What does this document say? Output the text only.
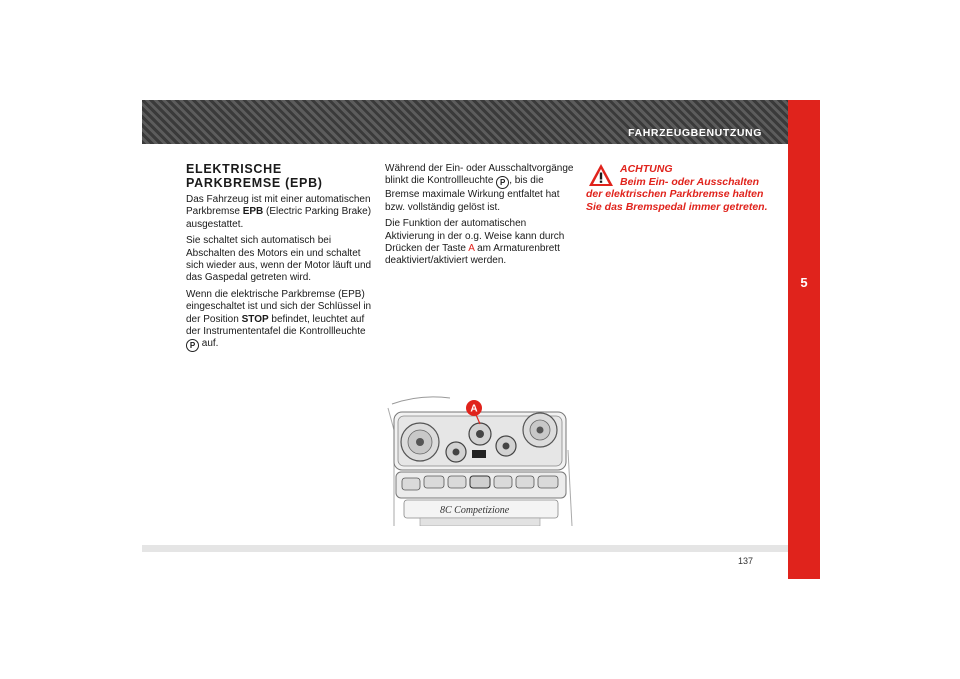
FAHRZEUGBENUTZUNG
5
ELEKTRISCHE
PARKBREMSE (EPB)

Das Fahrzeug ist mit einer automatischen Parkbremse EPB (Electric Parking Brake) ausgestattet.

Sie schaltet sich automatisch bei Abschalten des Motors ein und schaltet sich wieder aus, wenn der Motor läuft und das Gaspedal getreten wird.

Wenn die elektrische Parkbremse (EPB) eingeschaltet ist und sich der Schlüssel in der Position STOP befindet, leuchtet auf der Instrumententafel die Kontrollleuchte P auf.

Während der Ein- oder Ausschaltvorgänge blinkt die Kontrollleuchte P , bis die Bremse maximale Wirkung entfaltet hat bzw. vollständig gelöst ist.

Die Funktion der automatischen Aktivierung in der o.g. Weise kann durch Drücken der Taste A am Armaturenbrett deaktiviert/aktiviert werden.

ACHTUNG
Beim Ein- oder Ausschalten der elektrischen Parkbremse halten Sie das Bremspedal immer getreten.
A
8C Competizione
137
